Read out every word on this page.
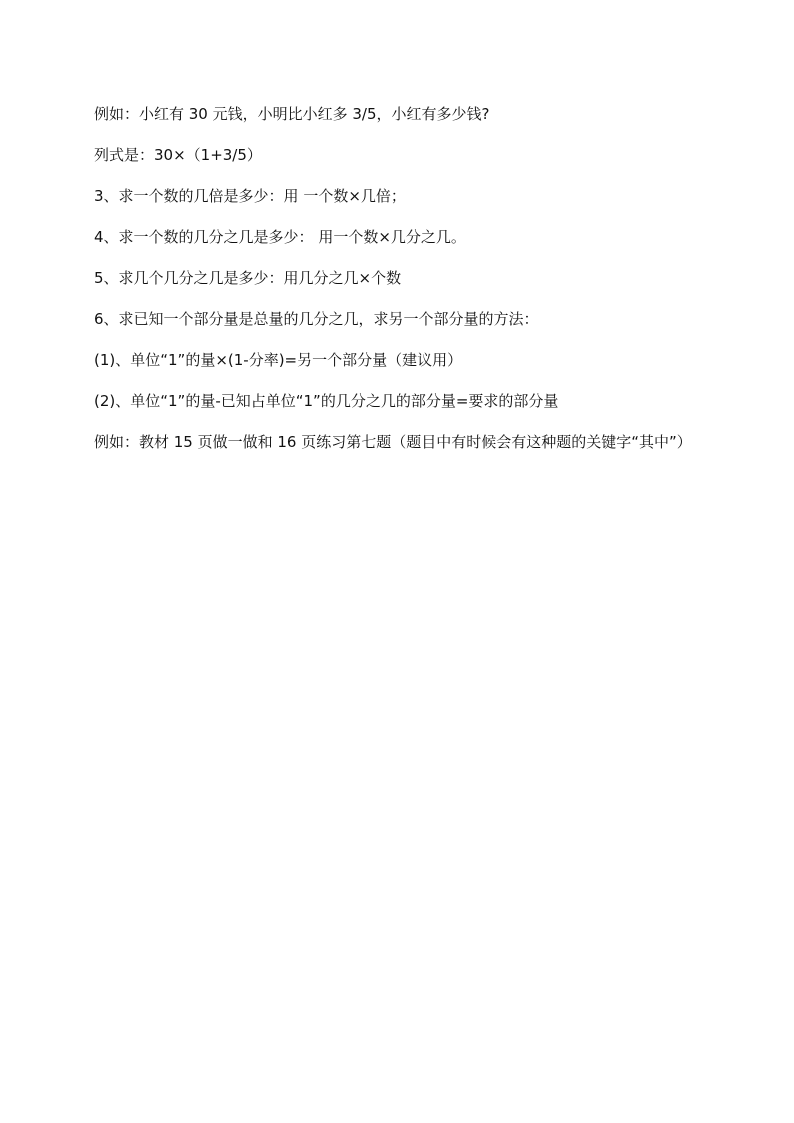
例如：小红有 30 元钱，小明比小红多 3/5，小红有多少钱?

列式是：30×（1+3/5）

3、求一个数的几倍是多少：用 一个数×几倍；

4、求一个数的几分之几是多少： 用一个数×几分之几。

5、求几个几分之几是多少：用几分之几×个数

6、求已知一个部分量是总量的几分之几，求另一个部分量的方法：

(1)、单位“1”的量×(1-分率)=另一个部分量（建议用）

(2)、单位“1”的量-已知占单位“1”的几分之几的部分量=要求的部分量

例如：教材 15 页做一做和 16 页练习第七题（题目中有时候会有这种题的关键字“其中”）
